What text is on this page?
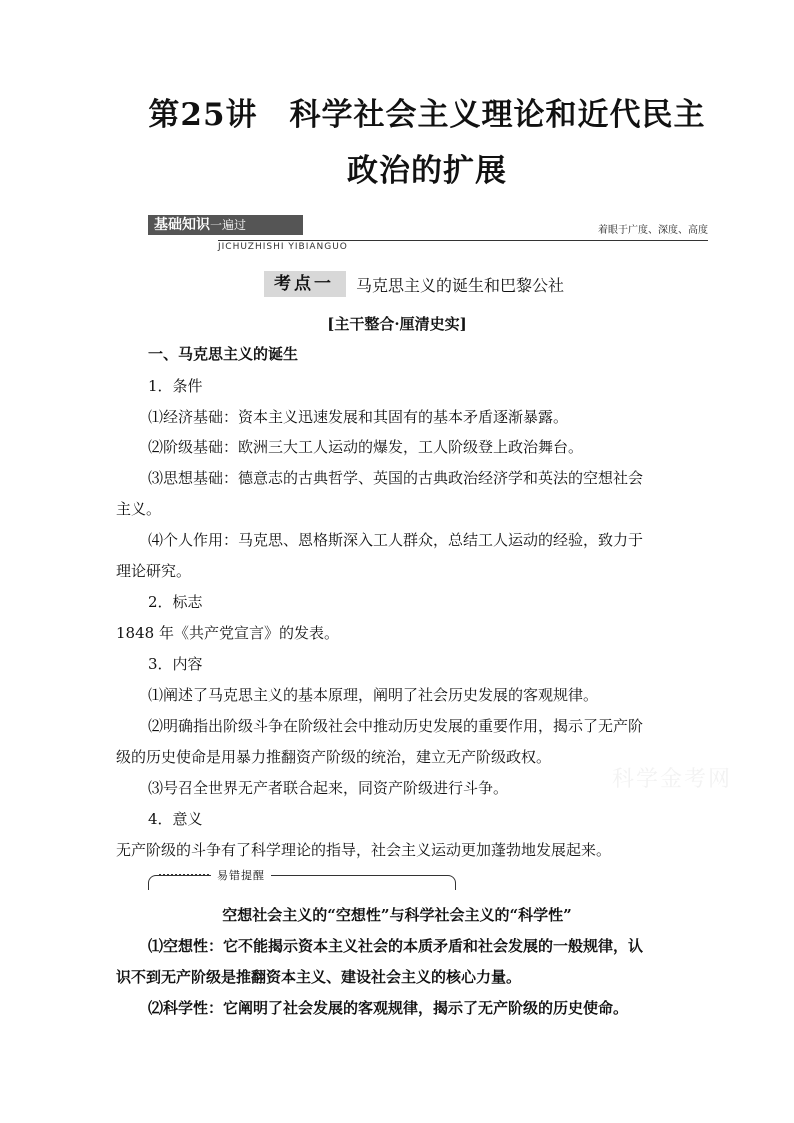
第25讲　科学社会主义理论和近代民主
政治的扩展
基础知识一遍过
JICHUZHISHI YIBIANGUO
着眼于广度、深度、高度
考点一 马克思主义的诞生和巴黎公社
[主干整合·厘清史实]
一、马克思主义的诞生
1．条件
⑴经济基础：资本主义迅速发展和其固有的基本矛盾逐渐暴露。
⑵阶级基础：欧洲三大工人运动的爆发，工人阶级登上政治舞台。
⑶思想基础：德意志的古典哲学、英国的古典政治经济学和英法的空想社会
主义。
⑷个人作用：马克思、恩格斯深入工人群众，总结工人运动的经验，致力于
理论研究。
2．标志
1848 年《共产党宣言》的发表。
3．内容
⑴阐述了马克思主义的基本原理，阐明了社会历史发展的客观规律。
⑵明确指出阶级斗争在阶级社会中推动历史发展的重要作用，揭示了无产阶
级的历史使命是用暴力推翻资产阶级的统治，建立无产阶级政权。
⑶号召全世界无产者联合起来，同资产阶级进行斗争。
4．意义
无产阶级的斗争有了科学理论的指导，社会主义运动更加蓬勃地发展起来。
易错提醒
空想社会主义的“空想性”与科学社会主义的“科学性”
⑴空想性：它不能揭示资本主义社会的本质矛盾和社会发展的一般规律，认
识不到无产阶级是推翻资本主义、建设社会主义的核心力量。
⑵科学性：它阐明了社会发展的客观规律，揭示了无产阶级的历史使命。
科学金考网
